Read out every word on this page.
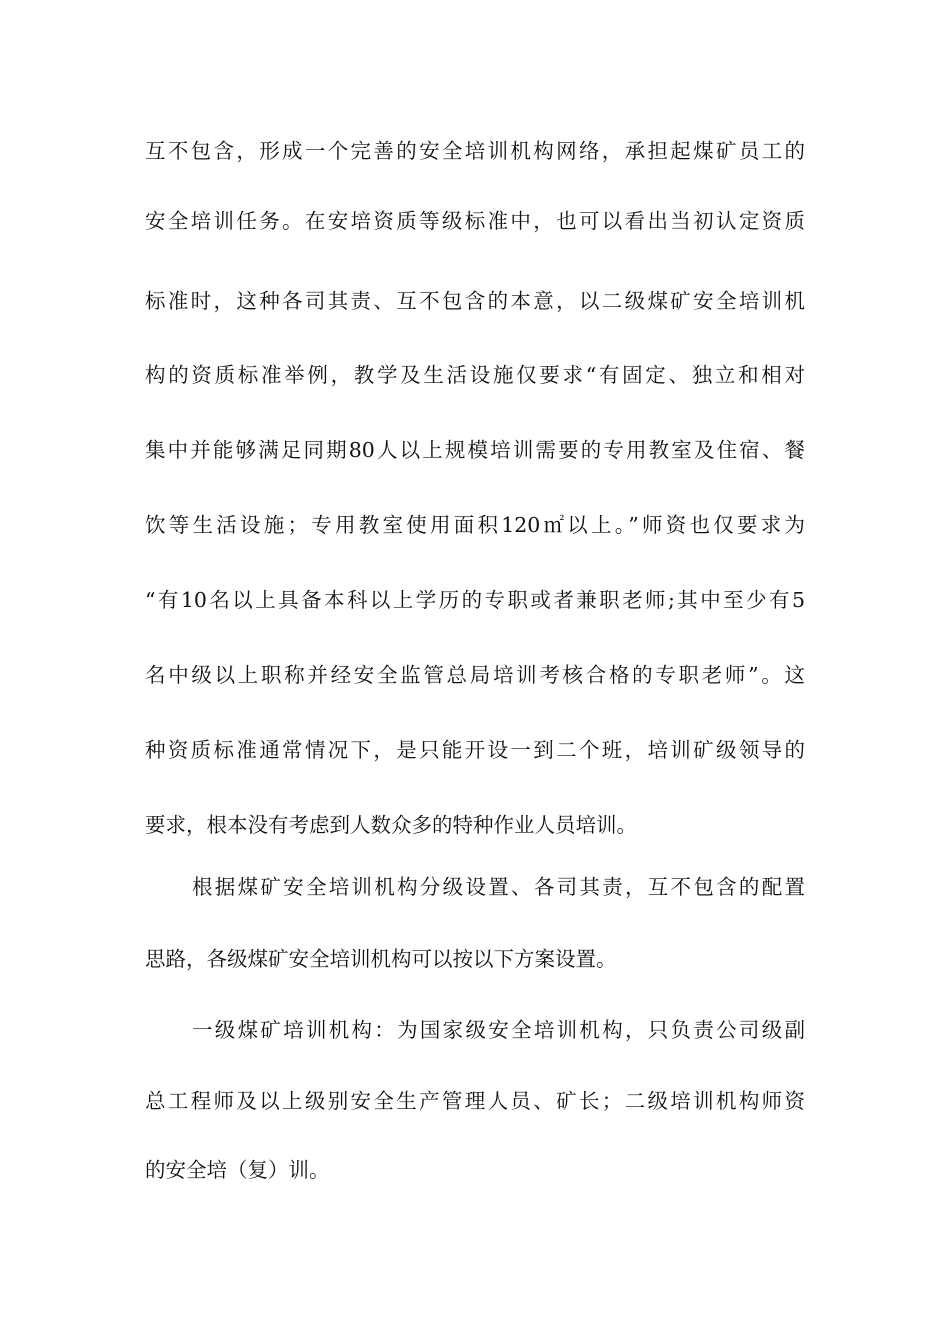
互不包含，形成一个完善的安全培训机构网络，承担起煤矿员工的
安全培训任务。在安培资质等级标准中，也可以看出当初认定资质
标准时，这种各司其责、互不包含的本意，以二级煤矿安全培训机
构的资质标准举例，教学及生活设施仅要求“有固定、独立和相对
集中并能够满足同期80人以上规模培训需要的专用教室及住宿、餐
饮等生活设施；专用教室使用面积120㎡以上。”师资也仅要求为
“有10名以上具备本科以上学历的专职或者兼职老师;其中至少有5
名中级以上职称并经安全监管总局培训考核合格的专职老师”。这
种资质标准通常情况下，是只能开设一到二个班，培训矿级领导的
要求，根本没有考虑到人数众多的特种作业人员培训。
根据煤矿安全培训机构分级设置、各司其责，互不包含的配置
思路，各级煤矿安全培训机构可以按以下方案设置。
一级煤矿培训机构：为国家级安全培训机构，只负责公司级副
总工程师及以上级别安全生产管理人员、矿长；二级培训机构师资
的安全培（复）训。
